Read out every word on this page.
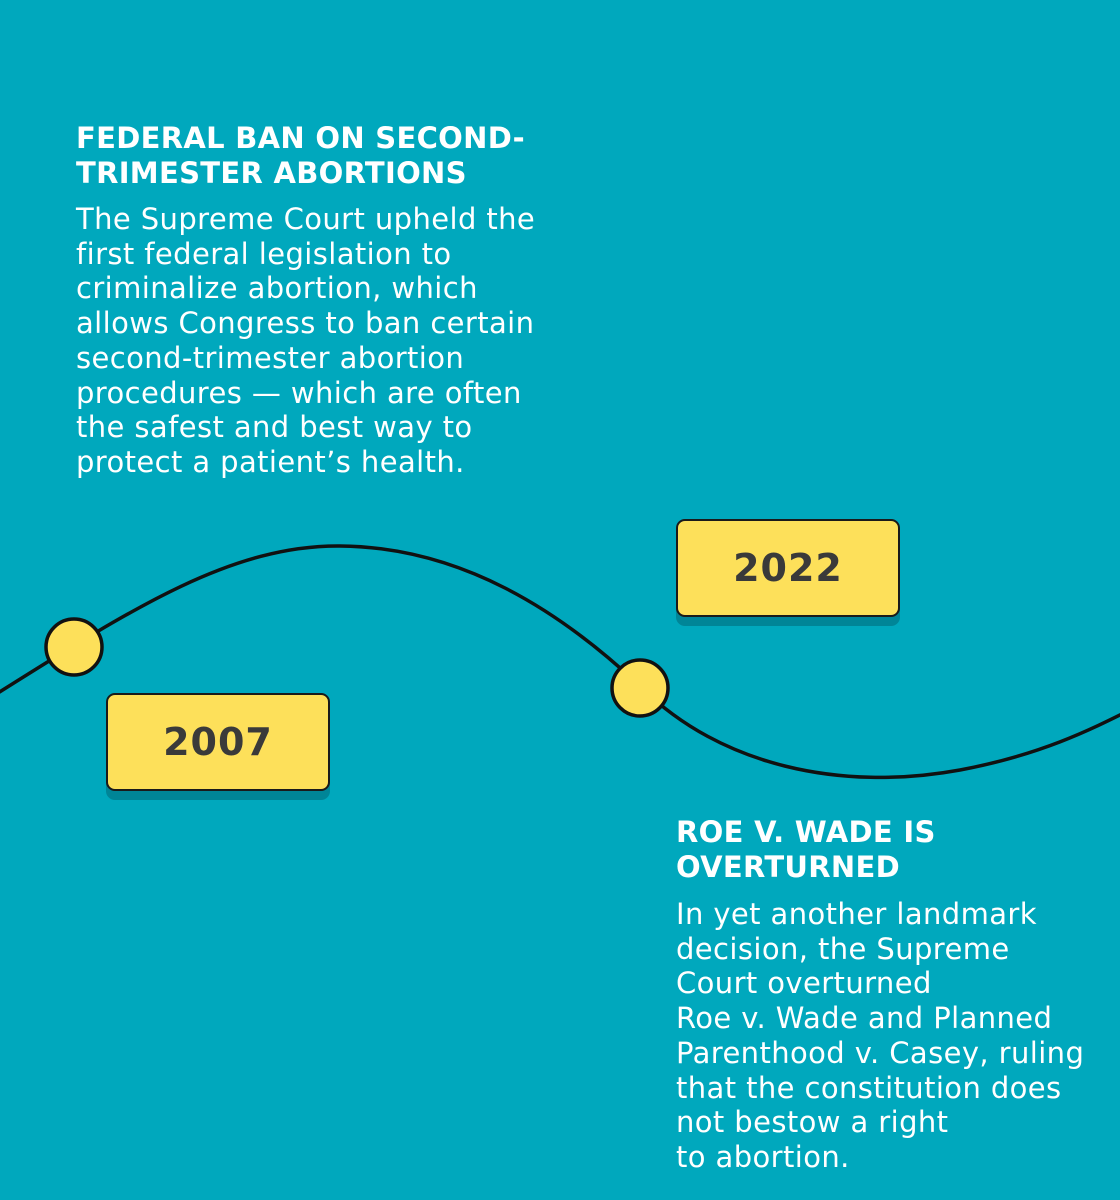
FEDERAL BAN ON SECOND-
TRIMESTER ABORTIONS

The Supreme Court upheld the
first federal legislation to
criminalize abortion, which
allows Congress to ban certain
second-trimester abortion
procedures — which are often
the safest and best way to
protect a patient’s health.

2007
2022
ROE V. WADE IS
OVERTURNED

In yet another landmark
decision, the Supreme
Court overturned
Roe v. Wade and Planned
Parenthood v. Casey, ruling
that the constitution does
not bestow a right
to abortion.
